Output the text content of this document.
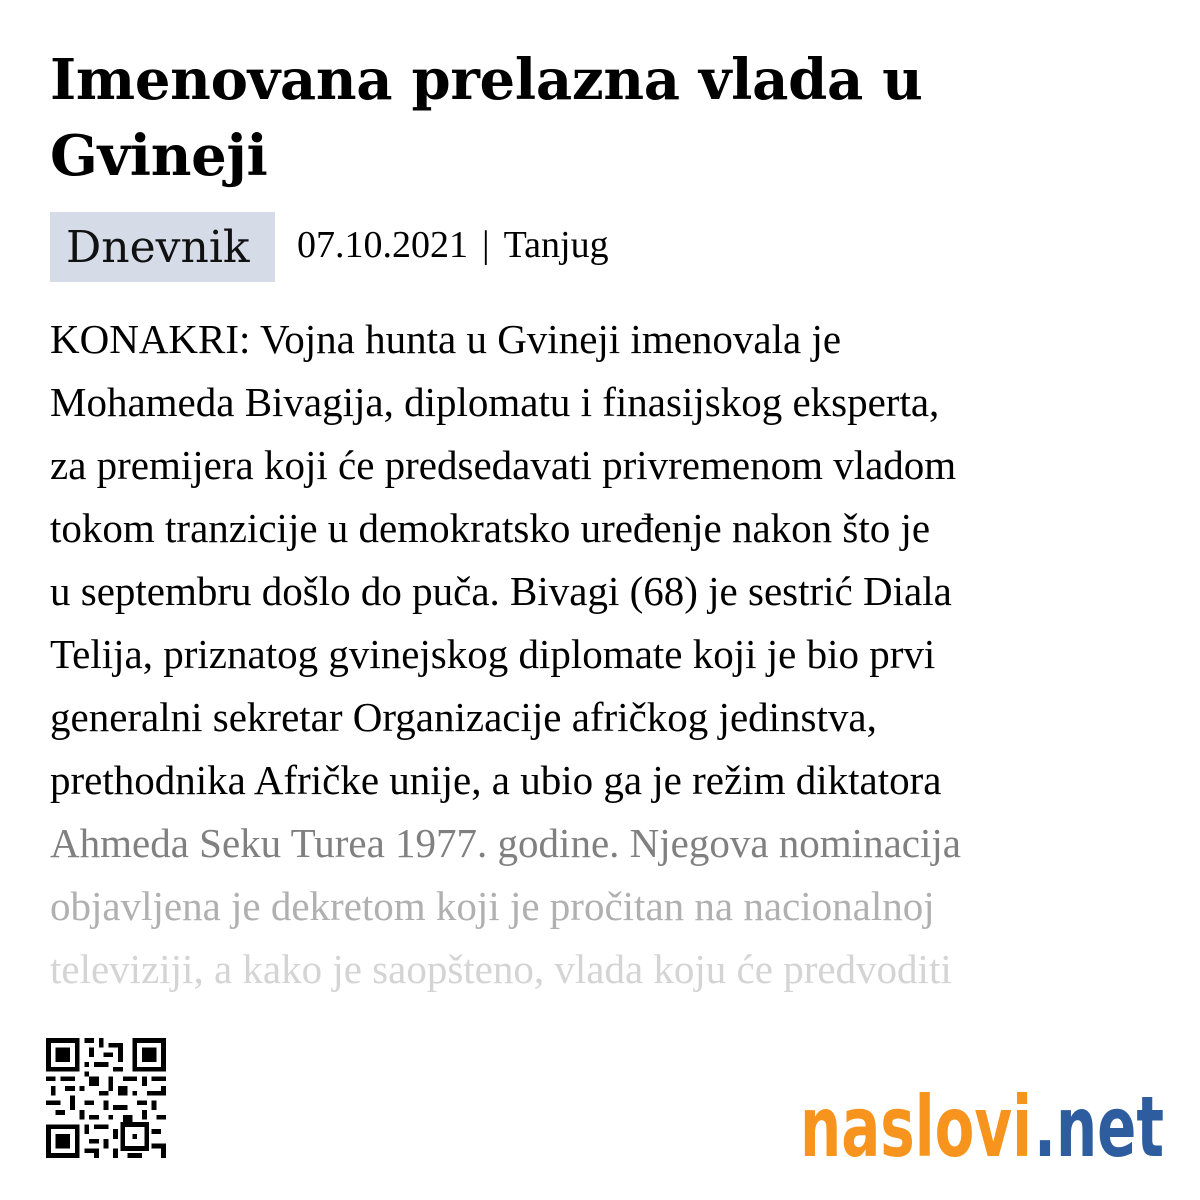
Imenovana prelazna vlada u Gvineji
Dnevnik	07.10.2021 | Tanjug
KONAKRI: Vojna hunta u Gvineji imenovala je
Mohameda Bivagija, diplomatu i finasijskog eksperta,
za premijera koji će predsedavati privremenom vladom
tokom tranzicije u demokratsko uređenje nakon što je
u septembru došlo do puča. Bivagi (68) je sestrić Diala
Telija, priznatog gvinejskog diplomate koji je bio prvi
generalni sekretar Organizacije afričkog jedinstva,
prethodnika Afričke unije, a ubio ga je režim diktatora
Ahmeda Seku Turea 1977. godine. Njegova nominacija
objavljena je dekretom koji je pročitan na nacionalnoj
televiziji, a kako je saopšteno, vlada koju će predvoditi
naslovi .net
